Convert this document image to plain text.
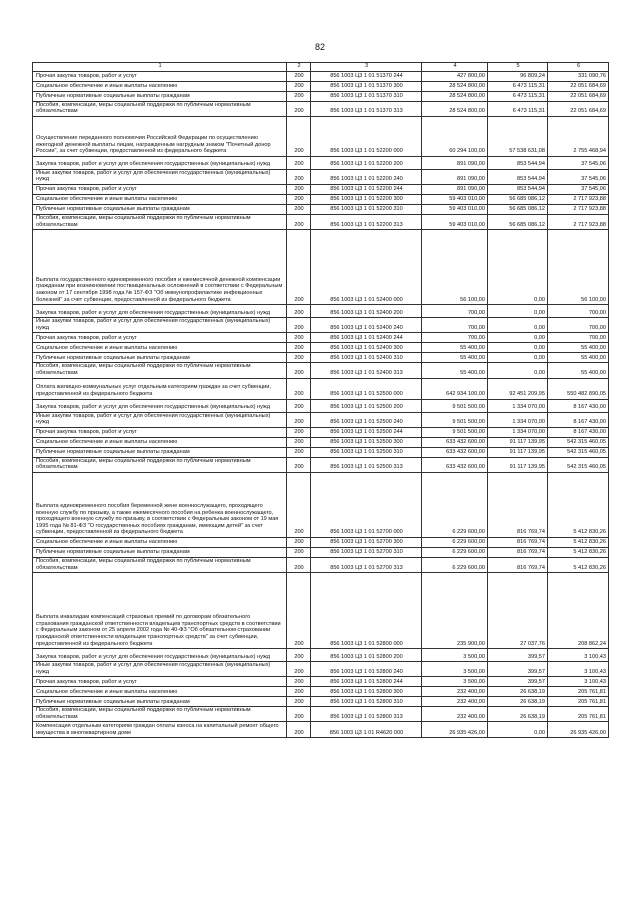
82
1	2	3	4	5	6
Прочая закупка товаров, работ и услуг	200	856 1003 Ц3 1 01 51370 244	427 800,00	96 809,24	331 090,76
Социальное обеспечение и иные выплаты населению	200	856 1003 Ц3 1 01 51370 300	28 524 800,00	6 473 115,31	22 051 684,69
Публичные нормативные социальные выплаты гражданам	200	856 1003 Ц3 1 01 51370 310	28 524 800,00	6 473 115,31	22 051 684,69
Пособия, компенсации, меры социальной поддержки по публичным нормативным обязательствам	200	856 1003 Ц3 1 01 51370 313	28 524 800,00	6 473 115,31	22 051 684,69
Осуществление переданного полномочия Российской Федерации по осуществлению ежегодной денежной выплаты лицам, награжденным нагрудным знаком "Почетный донор России", за счет субвенции, предоставленной из федерального бюджета	200	856 1003 Ц3 1 01 52200 000	60 294 100,00	57 538 631,08	2 755 468,94
Закупка товаров, работ и услуг для обеспечения государственных (муниципальных) нужд	200	856 1003 Ц3 1 01 52200 200	891 090,00	853 544,94	37 545,06
Иные закупки товаров, работ и услуг для обеспечения государственных (муниципальных) нужд	200	856 1003 Ц3 1 01 52200 240	891 090,00	853 544,94	37 545,06
Прочая закупка товаров, работ и услуг	200	856 1003 Ц3 1 01 52200 244	891 090,00	853 544,94	37 545,06
Социальное обеспечение и иные выплаты населению	200	856 1003 Ц3 1 01 52200 300	59 403 010,00	56 685 086,12	2 717 923,88
Публичные нормативные социальные выплаты гражданам	200	856 1003 Ц3 1 01 52200 310	59 403 010,00	56 685 086,12	2 717 923,88
Пособия, компенсации, меры социальной поддержки по публичным нормативным обязательствам	200	856 1003 Ц3 1 01 52200 313	59 403 010,00	56 685 086,12	2 717 923,88
Выплата государственного единовременного пособия и ежемесячной денежной компенсации гражданам при возникновении поствакцинальных осложнений в соответствии с Федеральным законом от 17 сентября 1998 года № 157-ФЗ "Об иммунопрофилактике инфекционных болезней" за счет субвенции, предоставленной из федерального бюджета	200	856 1003 Ц3 1 01 52400 000	56 100,00	0,00	56 100,00
Закупка товаров, работ и услуг для обеспечения государственных (муниципальных) нужд	200	856 1003 Ц3 1 01 52400 200	700,00	0,00	700,00
Иные закупки товаров, работ и услуг для обеспечения государственных (муниципальных) нужд	200	856 1003 Ц3 1 01 52400 240	700,00	0,00	700,00
Прочая закупка товаров, работ и услуг	200	856 1003 Ц3 1 01 52400 244	700,00	0,00	700,00
Социальное обеспечение и иные выплаты населению	200	856 1003 Ц3 1 01 52400 300	55 400,00	0,00	55 400,00
Публичные нормативные социальные выплаты гражданам	200	856 1003 Ц3 1 01 52400 310	55 400,00	0,00	55 400,00
Пособия, компенсации, меры социальной поддержки по публичным нормативным обязательствам	200	856 1003 Ц3 1 01 52400 313	55 400,00	0,00	55 400,00
Оплата жилищно-коммунальных услуг отдельным категориям граждан за счет субвенции, предоставленной из федерального бюджета	200	856 1003 Ц3 1 01 52500 000	642 934 100,00	92 451 209,95	550 482 890,05
Закупка товаров, работ и услуг для обеспечения государственных (муниципальных) нужд	200	856 1003 Ц3 1 01 52500 200	9 501 500,00	1 334 070,00	8 167 430,00
Иные закупки товаров, работ и услуг для обеспечения государственных (муниципальных) нужд	200	856 1003 Ц3 1 01 52500 240	9 501 500,00	1 334 070,00	8 167 430,00
Прочая закупка товаров, работ и услуг	200	856 1003 Ц3 1 01 52500 244	9 501 500,00	1 334 070,00	8 167 430,00
Социальное обеспечение и иные выплаты населению	200	856 1003 Ц3 1 01 52500 300	633 432 600,00	91 117 139,95	542 315 460,05
Публичные нормативные социальные выплаты гражданам	200	856 1003 Ц3 1 01 52500 310	633 432 600,00	91 117 139,95	542 315 460,05
Пособия, компенсации, меры социальной поддержки по публичным нормативным обязательствам	200	856 1003 Ц3 1 01 52500 313	633 432 600,00	91 117 139,95	542 315 460,05
Выплата единовременного пособия беременной жене военнослужащего, проходящего военную службу по призыву, а также ежемесячного пособия на ребенка военнослужащего, проходящего военную службу по призыву, в соответствии с Федеральным законом от 19 мая 1995 года № 81-ФЗ "О государственных пособиях гражданам, имеющим детей" за счет субвенции, предоставленной из федерального бюджета	200	856 1003 Ц3 1 01 52700 000	6 229 600,00	816 769,74	5 412 830,26
Социальное обеспечение и иные выплаты населению	200	856 1003 Ц3 1 01 52700 300	6 229 600,00	816 769,74	5 412 830,26
Публичные нормативные социальные выплаты гражданам	200	856 1003 Ц3 1 01 52700 310	6 229 600,00	816 769,74	5 412 830,26
Пособия, компенсации, меры социальной поддержки по публичным нормативным обязательствам	200	856 1003 Ц3 1 01 52700 313	6 229 600,00	816 769,74	5 412 830,26
Выплата инвалидам компенсаций страховых премий по договорам обязательного страхования гражданской ответственности владельцев транспортных средств в соответствии с Федеральным законом от 25 апреля 2002 года № 40-ФЗ "Об обязательном страховании гражданской ответственности владельцев транспортных средств" за счет субвенции, предоставленной из федерального бюджета	200	856 1003 Ц3 1 01 52800 000	235 900,00	27 037,76	208 862,24
Закупка товаров, работ и услуг для обеспечения государственных (муниципальных) нужд	200	856 1003 Ц3 1 01 52800 200	3 500,00	399,57	3 100,43
Иные закупки товаров, работ и услуг для обеспечения государственных (муниципальных) нужд	200	856 1003 Ц3 1 01 52800 240	3 500,00	399,57	3 100,43
Прочая закупка товаров, работ и услуг	200	856 1003 Ц3 1 01 52800 244	3 500,00	399,57	3 100,43
Социальное обеспечение и иные выплаты населению	200	856 1003 Ц3 1 01 52800 300	232 400,00	26 638,19	205 761,81
Публичные нормативные социальные выплаты гражданам	200	856 1003 Ц3 1 01 52800 310	232 400,00	26 638,19	205 761,81
Пособия, компенсации, меры социальной поддержки по публичным нормативным обязательствам	200	856 1003 Ц3 1 01 52800 313	232 400,00	26 638,19	205 761,81
Компенсация отдельным категориям граждан оплаты взноса на капитальный ремонт общего имущества в многоквартирном доме	200	856 1003 Ц3 1 01 R4620 000	26 935 426,00	0,00	26 935 426,00
